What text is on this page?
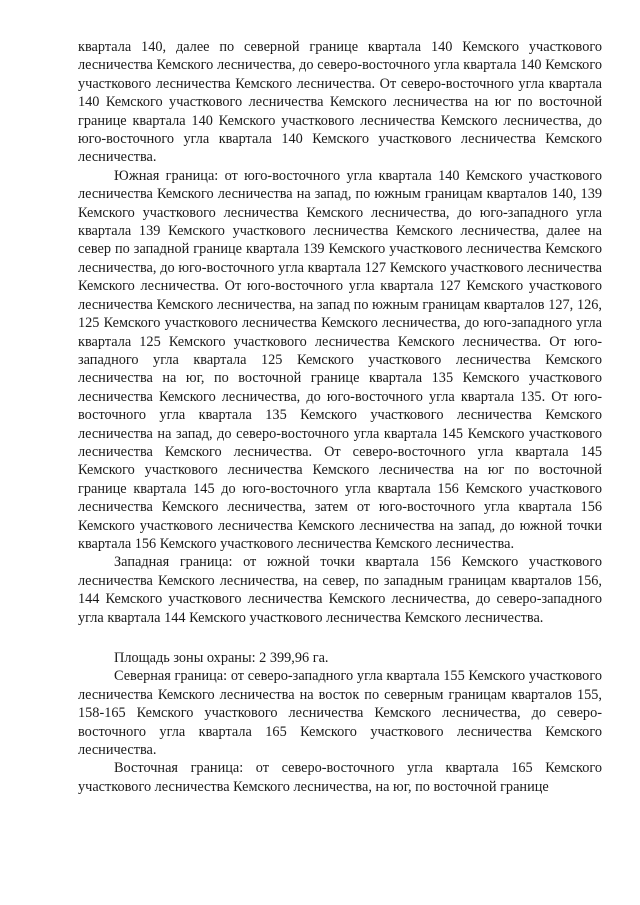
квартала 140, далее по северной границе квартала 140 Кемского участкового лесничества Кемского лесничества, до северо-восточного угла квартала 140 Кемского участкового лесничества Кемского лесничества. От северо-восточного угла квартала 140 Кемского участкового лесничества Кемского лесничества на юг по восточной границе квартала 140 Кемского участкового лесничества Кемского лесничества, до юго-восточного угла квартала 140 Кемского участкового лесничества Кемского лесничества.

Южная граница: от юго-восточного угла квартала 140 Кемского участкового лесничества Кемского лесничества на запад, по южным границам кварталов 140, 139 Кемского участкового лесничества Кемского лесничества, до юго-западного угла квартала 139 Кемского участкового лесничества Кемского лесничества, далее на север по западной границе квартала 139 Кемского участкового лесничества Кемского лесничества, до юго-восточного угла квартала 127 Кемского участкового лесничества Кемского лесничества. От юго-восточного угла квартала 127 Кемского участкового лесничества Кемского лесничества, на запад по южным границам кварталов 127, 126, 125 Кемского участкового лесничества Кемского лесничества, до юго-западного угла квартала 125 Кемского участкового лесничества Кемского лесничества. От юго-западного угла квартала 125 Кемского участкового лесничества Кемского лесничества на юг, по восточной границе квартала 135 Кемского участкового лесничества Кемского лесничества, до юго-восточного угла квартала 135. От юго-восточного угла квартала 135 Кемского участкового лесничества Кемского лесничества на запад, до северо-восточного угла квартала 145 Кемского участкового лесничества Кемского лесничества. От северо-восточного угла квартала 145 Кемского участкового лесничества Кемского лесничества на юг по восточной границе квартала 145 до юго-восточного угла квартала 156 Кемского участкового лесничества Кемского лесничества, затем от юго-восточного угла квартала 156 Кемского участкового лесничества Кемского лесничества на запад, до южной точки квартала 156 Кемского участкового лесничества Кемского лесничества.

Западная граница: от южной точки квартала 156 Кемского участкового лесничества Кемского лесничества, на север, по западным границам кварталов 156, 144 Кемского участкового лесничества Кемского лесничества, до северо-западного угла квартала 144 Кемского участкового лесничества Кемского лесничества.

Площадь зоны охраны: 2 399,96 га.

Северная граница: от северо-западного угла квартала 155 Кемского участкового лесничества Кемского лесничества на восток по северным границам кварталов 155, 158-165 Кемского участкового лесничества Кемского лесничества, до северо-восточного угла квартала 165 Кемского участкового лесничества Кемского лесничества.

Восточная граница: от северо-восточного угла квартала 165 Кемского участкового лесничества Кемского лесничества, на юг, по восточной границе
